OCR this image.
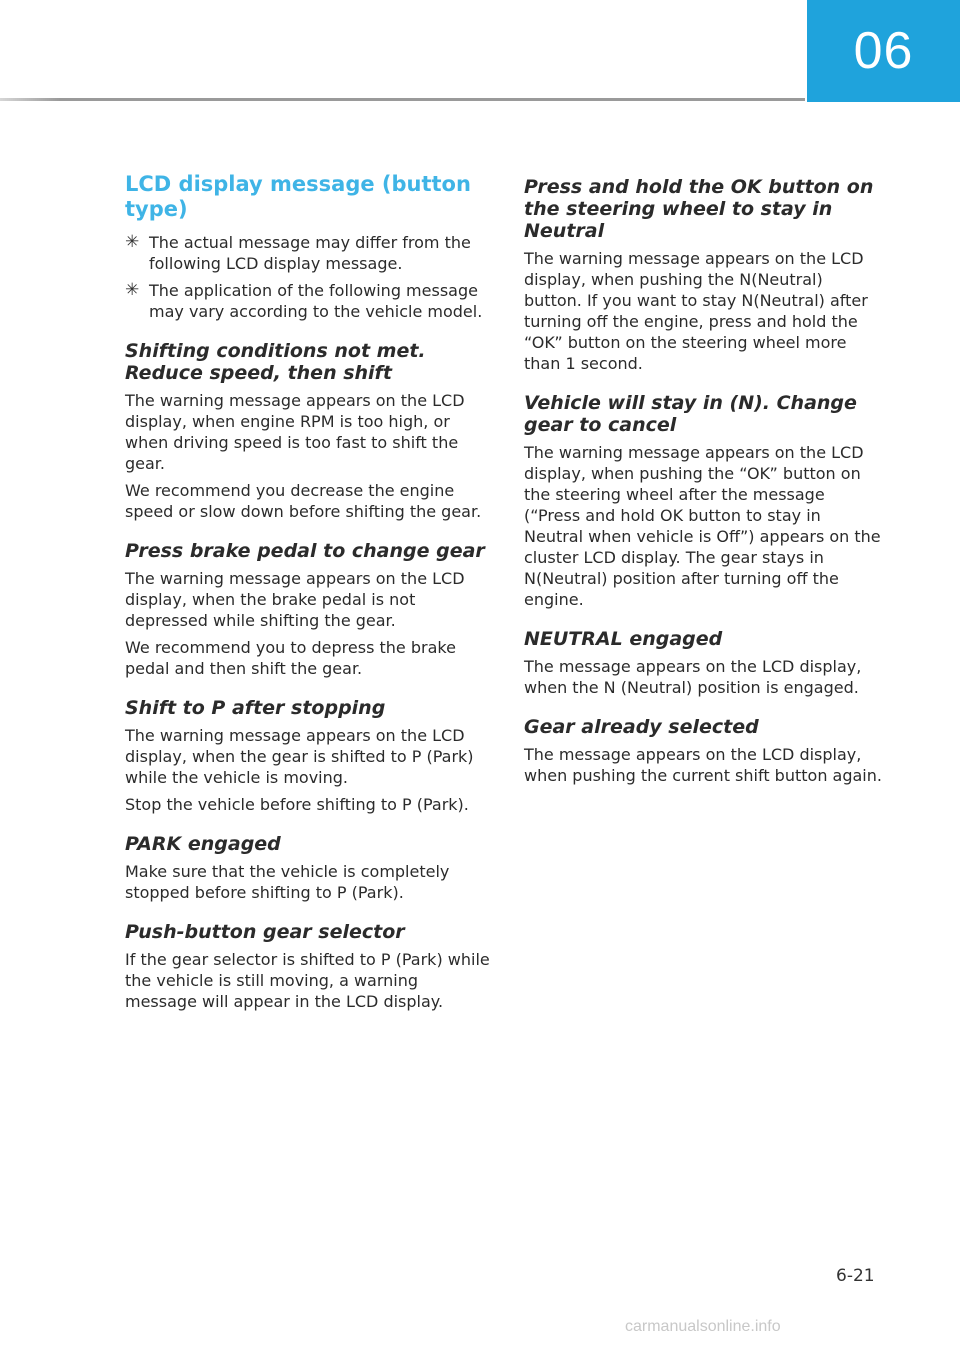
06
LCD display message (button type)
✳ The actual message may differ from the following LCD display message.
✳ The application of the following message may vary according to the vehicle model.
Shifting conditions not met. Reduce speed, then shift

The warning message appears on the LCD display, when engine RPM is too high, or when driving speed is too fast to shift the gear.

We recommend you decrease the engine speed or slow down before shifting the gear.

Press brake pedal to change gear

The warning message appears on the LCD display, when the brake pedal is not depressed while shifting the gear.

We recommend you to depress the brake pedal and then shift the gear.

Shift to P after stopping

The warning message appears on the LCD display, when the gear is shifted to P (Park) while the vehicle is moving.

Stop the vehicle before shifting to P (Park).

PARK engaged

Make sure that the vehicle is completely stopped before shifting to P (Park).

Push-button gear selector

If the gear selector is shifted to P (Park) while the vehicle is still moving, a warning message will appear in the LCD display.

Press and hold the OK button on the steering wheel to stay in Neutral

The warning message appears on the LCD display, when pushing the N(Neutral) button. If you want to stay N(Neutral) after turning off the engine, press and hold the “OK” button on the steering wheel more than 1 second.

Vehicle will stay in (N). Change gear to cancel

The warning message appears on the LCD display, when pushing the “OK” button on the steering wheel after the message (“Press and hold OK button to stay in Neutral when vehicle is Off”) appears on the cluster LCD display. The gear stays in N(Neutral) position after turning off the engine.

NEUTRAL engaged

The message appears on the LCD display, when the N (Neutral) position is engaged.

Gear already selected

The message appears on the LCD display, when pushing the current shift button again.

6-21
carmanualsonline.info
